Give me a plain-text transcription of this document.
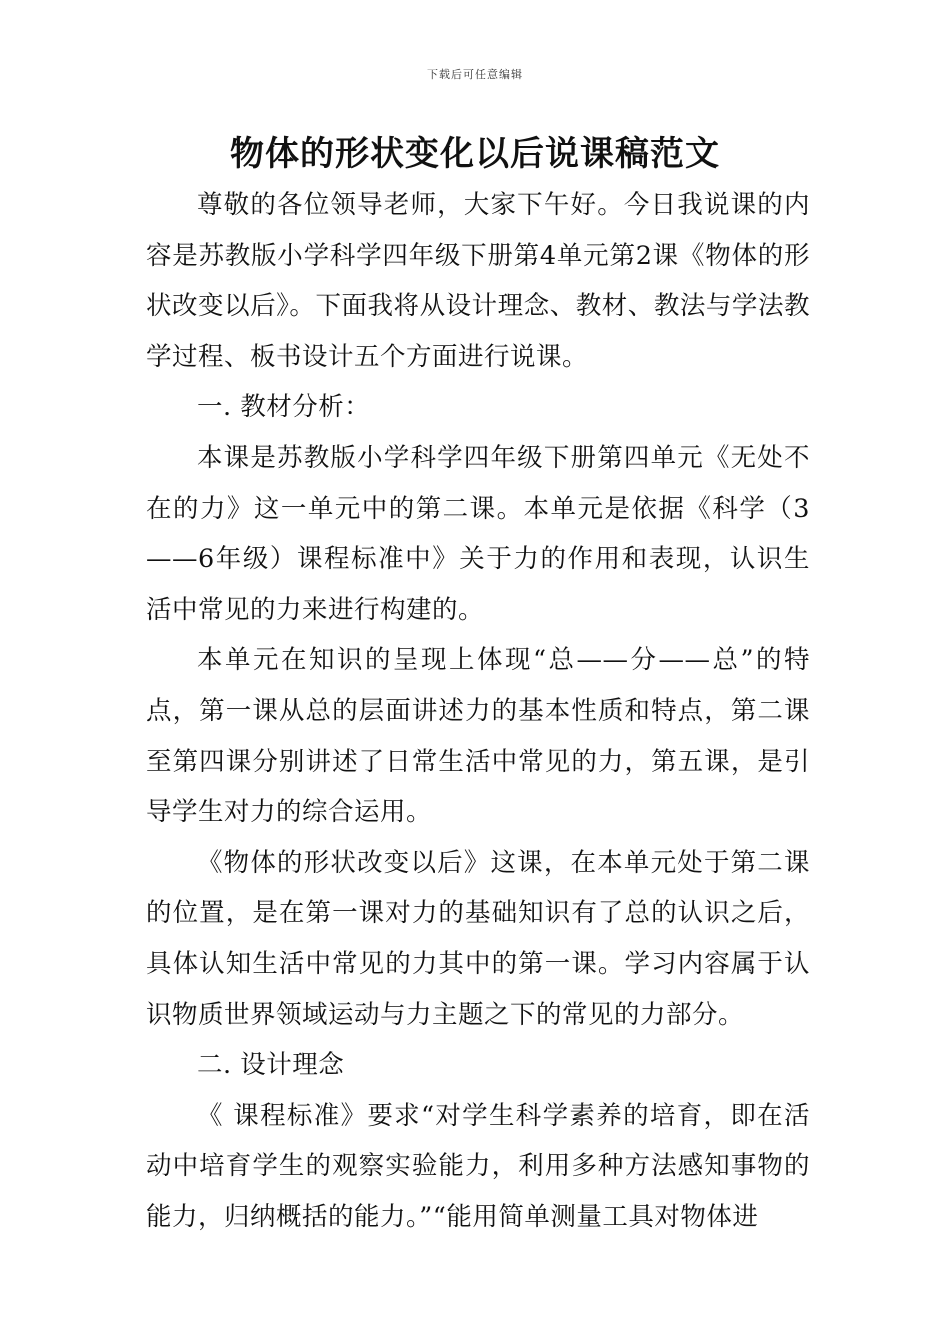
下载后可任意编辑
物体的形状变化以后说课稿范文

尊敬的各位领导老师，大家下午好。今日我说课的内容是苏教版小学科学四年级下册第4单元第2课《物体的形状改变以后》。下面我将从设计理念、教材、教法与学法教学过程、板书设计五个方面进行说课。

一. 教材分析：

本课是苏教版小学科学四年级下册第四单元《无处不在的力》这一单元中的第二课。本单元是依据《科学（3——6年级）课程标准中》关于力的作用和表现，认识生活中常见的力来进行构建的。

本单元在知识的呈现上体现“总——分——总”的特点，第一课从总的层面讲述力的基本性质和特点，第二课至第四课分别讲述了日常生活中常见的力，第五课，是引导学生对力的综合运用。

《物体的形状改变以后》这课，在本单元处于第二课的位置，是在第一课对力的基础知识有了总的认识之后，具体认知生活中常见的力其中的第一课。学习内容属于认识物质世界领域运动与力主题之下的常见的力部分。

二. 设计理念

《 课程标准》要求“对学生科学素养的培育，即在活动中培育学生的观察实验能力，利用多种方法感知事物的能力，归纳概括的能力。”“能用简单测量工具对物体进
